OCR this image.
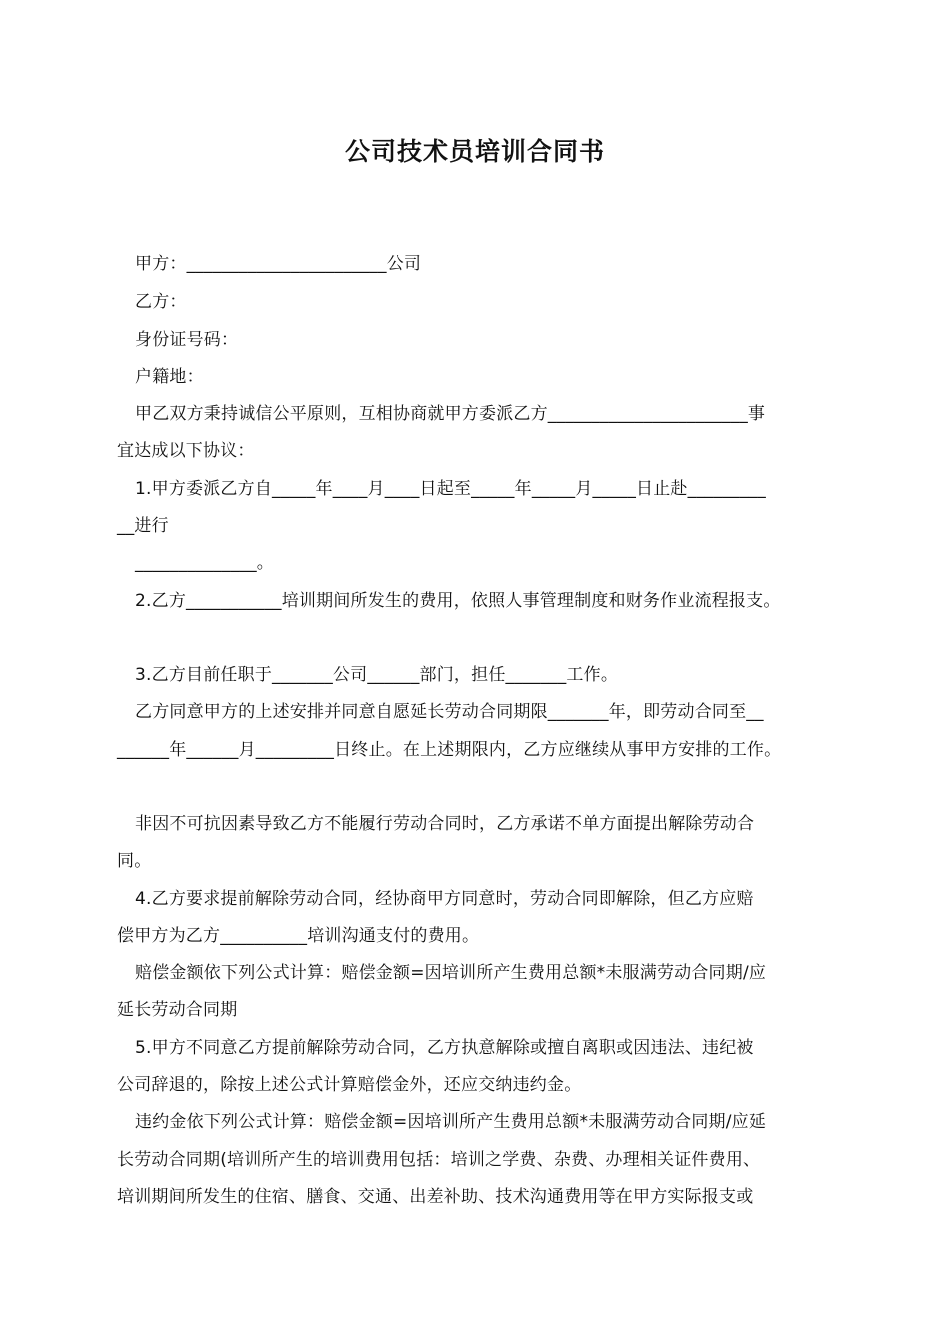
公司技术员培训合同书
甲方：_______________________公司
乙方：
身份证号码：
户籍地：
甲乙双方秉持诚信公平原则，互相协商就甲方委派乙方_______________________事
宜达成以下协议：
1.甲方委派乙方自_____年____月____日起至_____年_____月_____日止赴_________
__进行
______________。
2.乙方___________培训期间所发生的费用，依照人事管理制度和财务作业流程报支。
3.乙方目前任职于_______公司______部门，担任_______工作。
乙方同意甲方的上述安排并同意自愿延长劳动合同期限_______年，即劳动合同至__
______年______月_________日终止。在上述期限内，乙方应继续从事甲方安排的工作。
非因不可抗因素导致乙方不能履行劳动合同时，乙方承诺不单方面提出解除劳动合
同。
4.乙方要求提前解除劳动合同，经协商甲方同意时，劳动合同即解除，但乙方应赔
偿甲方为乙方__________培训沟通支付的费用。
赔偿金额依下列公式计算：赔偿金额=因培训所产生费用总额*未服满劳动合同期/应
延长劳动合同期
5.甲方不同意乙方提前解除劳动合同，乙方执意解除或擅自离职或因违法、违纪被
公司辞退的，除按上述公式计算赔偿金外，还应交纳违约金。
违约金依下列公式计算：赔偿金额=因培训所产生费用总额*未服满劳动合同期/应延
长劳动合同期(培训所产生的培训费用包括：培训之学费、杂费、办理相关证件费用、
培训期间所发生的住宿、膳食、交通、出差补助、技术沟通费用等在甲方实际报支或
